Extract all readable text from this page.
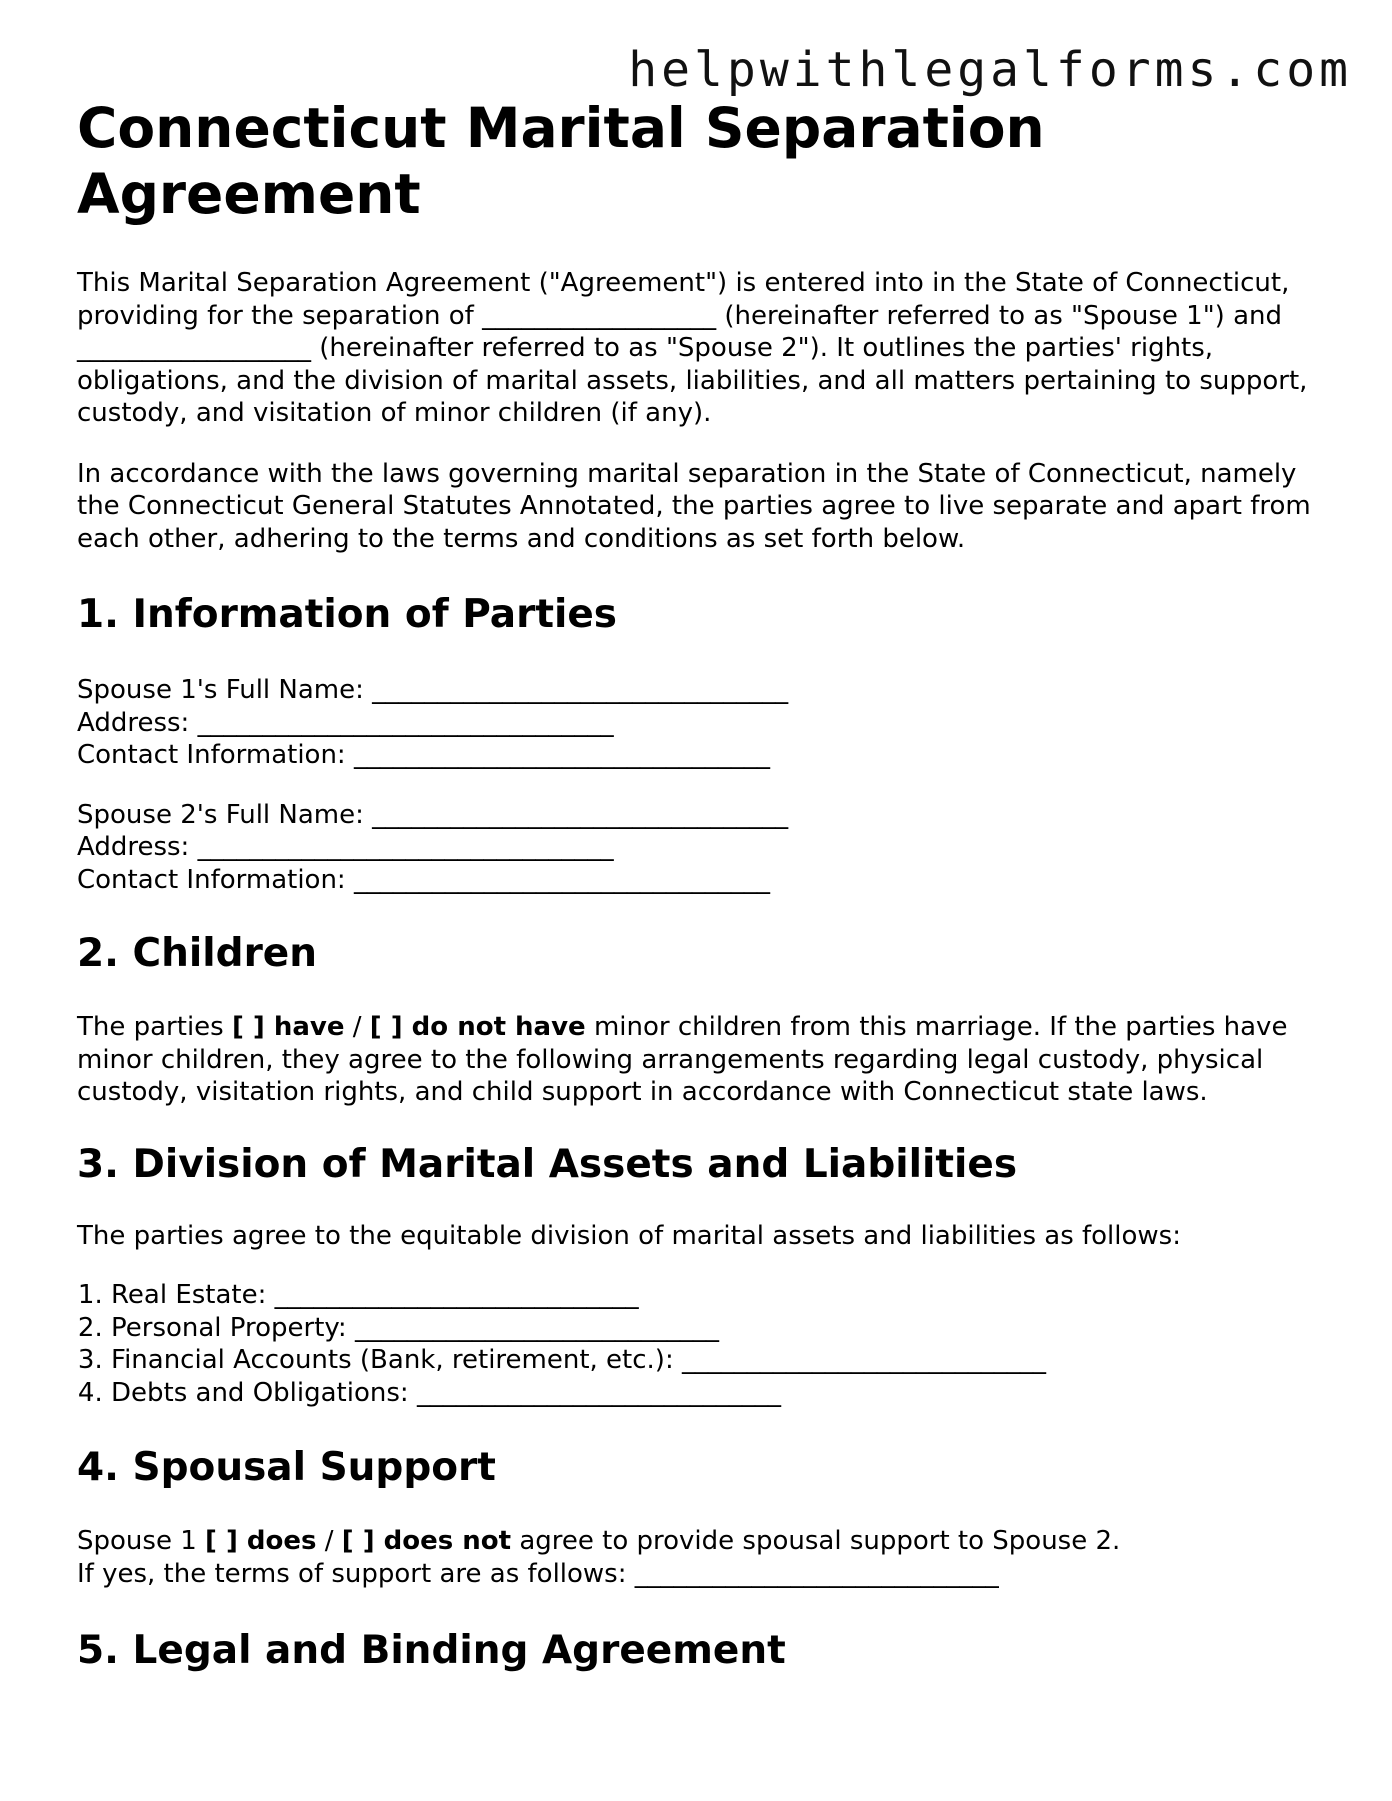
helpwithlegalforms.com
Connecticut Marital Separation Agreement

This Marital Separation Agreement ("Agreement") is entered into in the State of Connecticut, providing for the separation of __________________ (hereinafter referred to as "Spouse 1") and __________________ (hereinafter referred to as "Spouse 2"). It outlines the parties' rights, obligations, and the division of marital assets, liabilities, and all matters pertaining to support, custody, and visitation of minor children (if any).

In accordance with the laws governing marital separation in the State of Connecticut, namely the Connecticut General Statutes Annotated, the parties agree to live separate and apart from each other, adhering to the terms and conditions as set forth below.

1. Information of Parties

Spouse 1's Full Name: ________________________________
Address: ________________________________
Contact Information: ________________________________

Spouse 2's Full Name: ________________________________
Address: ________________________________
Contact Information: ________________________________

2. Children

The parties [ ] have / [ ] do not have minor children from this marriage. If the parties have minor children, they agree to the following arrangements regarding legal custody, physical custody, visitation rights, and child support in accordance with Connecticut state laws.

3. Division of Marital Assets and Liabilities

The parties agree to the equitable division of marital assets and liabilities as follows:

1. Real Estate: ____________________________
2. Personal Property: ____________________________
3. Financial Accounts (Bank, retirement, etc.): ____________________________
4. Debts and Obligations: ____________________________
4. Spousal Support

Spouse 1 [ ] does / [ ] does not agree to provide spousal support to Spouse 2.
If yes, the terms of support are as follows: ____________________________

5. Legal and Binding Agreement
